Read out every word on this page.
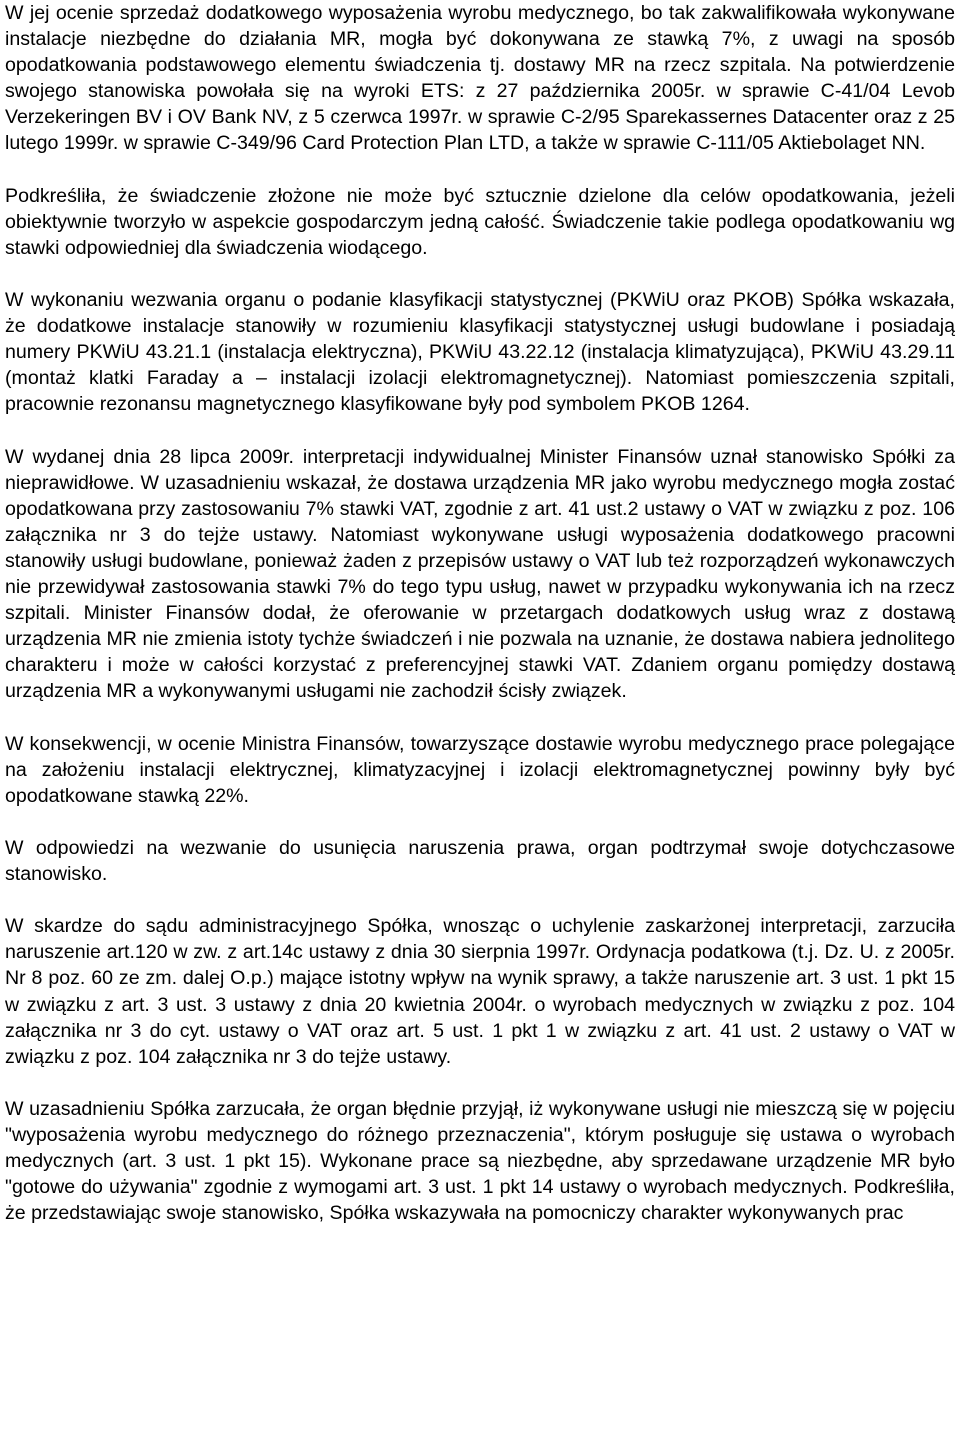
W jej ocenie sprzedaż dodatkowego wyposażenia wyrobu medycznego, bo tak zakwalifikowała wykonywane instalacje niezbędne do działania MR, mogła być dokonywana ze stawką 7%, z uwagi na sposób opodatkowania podstawowego elementu świadczenia tj. dostawy MR na rzecz szpitala. Na potwierdzenie swojego stanowiska powołała się na wyroki ETS: z 27 października 2005r. w sprawie C-41/04 Levob Verzekeringen BV i OV Bank NV, z 5 czerwca 1997r. w sprawie C-2/95 Sparekassernes Datacenter oraz z 25 lutego 1999r. w sprawie C-349/96 Card Protection Plan LTD, a także w sprawie C-111/05 Aktiebolaget NN.

Podkreśliła, że świadczenie złożone nie może być sztucznie dzielone dla celów opodatkowania, jeżeli obiektywnie tworzyło w aspekcie gospodarczym jedną całość. Świadczenie takie podlega opodatkowaniu wg stawki odpowiedniej dla świadczenia wiodącego.

W wykonaniu wezwania organu o podanie klasyfikacji statystycznej (PKWiU oraz PKOB) Spółka wskazała, że dodatkowe instalacje stanowiły w rozumieniu klasyfikacji statystycznej usługi budowlane i posiadają numery PKWiU 43.21.1 (instalacja elektryczna), PKWiU 43.22.12 (instalacja klimatyzująca), PKWiU 43.29.11 (montaż klatki Faraday a – instalacji izolacji elektromagnetycznej). Natomiast pomieszczenia szpitali, pracownie rezonansu magnetycznego klasyfikowane były pod symbolem PKOB 1264.

W wydanej dnia 28 lipca 2009r. interpretacji indywidualnej Minister Finansów uznał stanowisko Spółki za nieprawidłowe. W uzasadnieniu wskazał, że dostawa urządzenia MR jako wyrobu medycznego mogła zostać opodatkowana przy zastosowaniu 7% stawki VAT, zgodnie z art. 41 ust.2 ustawy o VAT w związku z poz. 106 załącznika nr 3 do tejże ustawy. Natomiast wykonywane usługi wyposażenia dodatkowego pracowni stanowiły usługi budowlane, ponieważ żaden z przepisów ustawy o VAT lub też rozporządzeń wykonawczych nie przewidywał zastosowania stawki 7% do tego typu usług, nawet w przypadku wykonywania ich na rzecz szpitali. Minister Finansów dodał, że oferowanie w przetargach dodatkowych usług wraz z dostawą urządzenia MR nie zmienia istoty tychże świadczeń i nie pozwala na uznanie, że dostawa nabiera jednolitego charakteru i może w całości korzystać z preferencyjnej stawki VAT. Zdaniem organu pomiędzy dostawą urządzenia MR a wykonywanymi usługami nie zachodził ścisły związek.

W konsekwencji, w ocenie Ministra Finansów, towarzyszące dostawie wyrobu medycznego prace polegające na założeniu instalacji elektrycznej, klimatyzacyjnej i izolacji elektromagnetycznej powinny były być opodatkowane stawką 22%.

W odpowiedzi na wezwanie do usunięcia naruszenia prawa, organ podtrzymał swoje dotychczasowe stanowisko.

W skardze do sądu administracyjnego Spółka, wnosząc o uchylenie zaskarżonej interpretacji, zarzuciła naruszenie art.120 w zw. z art.14c ustawy z dnia 30 sierpnia 1997r. Ordynacja podatkowa (t.j. Dz. U. z 2005r. Nr 8 poz. 60 ze zm. dalej O.p.) mające istotny wpływ na wynik sprawy, a także naruszenie art. 3 ust. 1 pkt 15 w związku z art. 3 ust. 3 ustawy z dnia 20 kwietnia 2004r. o wyrobach medycznych w związku z poz. 104 załącznika nr 3 do cyt. ustawy o VAT oraz art. 5 ust. 1 pkt 1 w związku z art. 41 ust. 2 ustawy o VAT w związku z poz. 104 załącznika nr 3 do tejże ustawy.

W uzasadnieniu Spółka zarzucała, że organ błędnie przyjął, iż wykonywane usługi nie mieszczą się w pojęciu "wyposażenia wyrobu medycznego do różnego przeznaczenia", którym posługuje się ustawa o wyrobach medycznych (art. 3 ust. 1 pkt 15). Wykonane prace są niezbędne, aby sprzedawane urządzenie MR było "gotowe do używania" zgodnie z wymogami art. 3 ust. 1 pkt 14 ustawy o wyrobach medycznych. Podkreśliła, że przedstawiając swoje stanowisko, Spółka wskazywała na pomocniczy charakter wykonywanych prac
